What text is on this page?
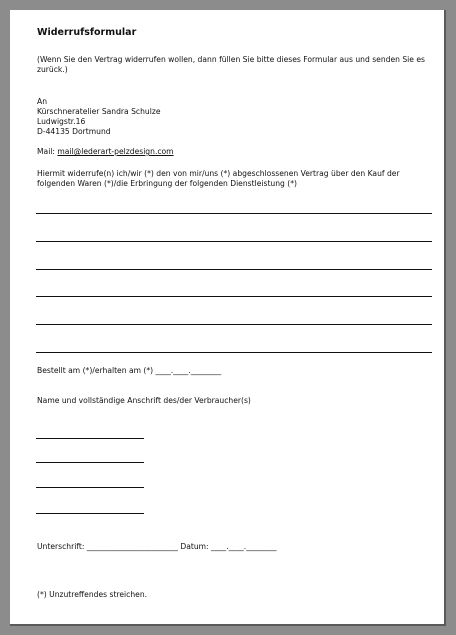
Widerrufsformular
(Wenn Sie den Vertrag widerrufen wollen, dann füllen Sie bitte dieses Formular aus und senden Sie es zurück.)
An
Kürschneratelier Sandra Schulze
Ludwigstr.16
D-44135 Dortmund
Mail: mail@lederart-pelzdesign.com
Hiermit widerrufe(n) ich/wir (*) den von mir/uns (*) abgeschlossenen Vertrag über den Kauf der folgenden Waren (*)/die Erbringung der folgenden Dienstleistung (*)
Bestellt am (*)/erhalten am (*) ____.____.________
Name und vollständige Anschrift des/der Verbraucher(s)
Unterschrift: ________________________ Datum: ____.____.________
(*) Unzutreffendes streichen.
